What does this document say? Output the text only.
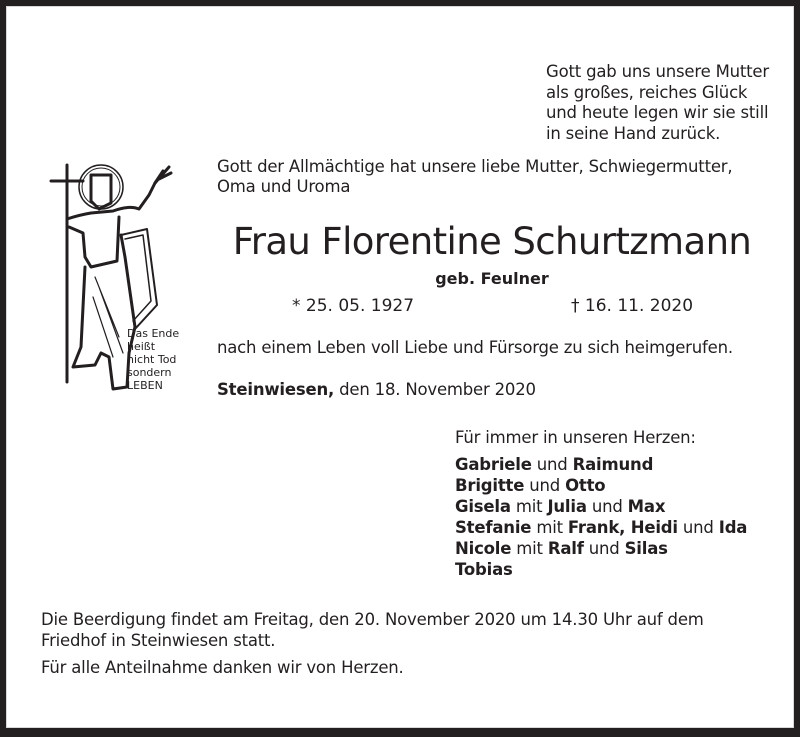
Gott gab uns unsere Mutter
als großes, reiches Glück
und heute legen wir sie still
in seine Hand zurück.
Das Ende
heißt
nicht Tod
sondern
LEBEN
Gott der Allmächtige hat unsere liebe Mutter, Schwiegermutter,
Oma und Uroma
Frau Florentine Schurtzmann
geb. Feulner
* 25. 05. 1927	† 16. 11. 2020
nach einem Leben voll Liebe und Fürsorge zu sich heimgerufen.
Steinwiesen, den 18. November 2020
Für immer in unseren Herzen:
Gabriele und Raimund
Brigitte und Otto
Gisela mit Julia und Max
Stefanie mit Frank, Heidi und Ida
Nicole mit Ralf und Silas
Tobias
Die Beerdigung findet am Freitag, den 20. November 2020 um 14.30 Uhr auf dem
Friedhof in Steinwiesen statt.
Für alle Anteilnahme danken wir von Herzen.
